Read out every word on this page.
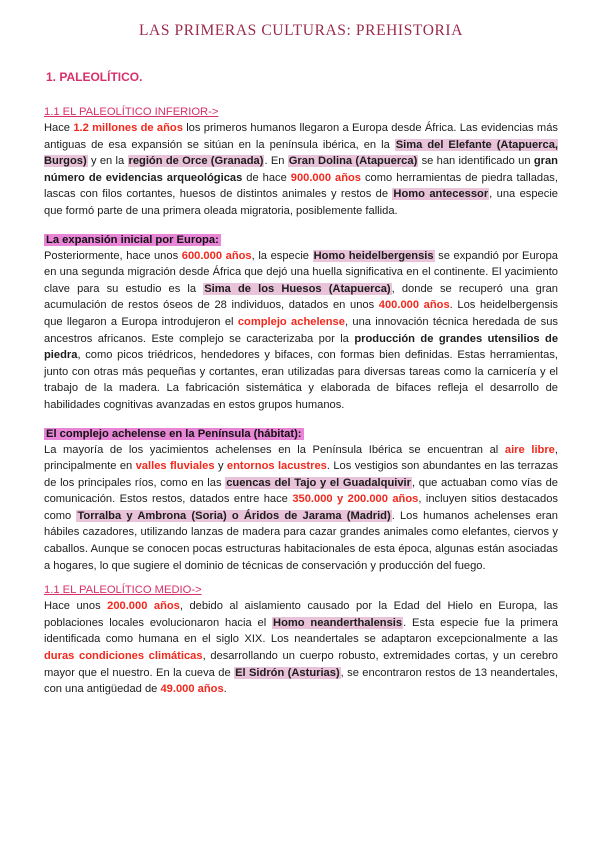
LAS PRIMERAS CULTURAS: PREHISTORIA
1. PALEOLÍTICO.
1.1 EL PALEOLÍTICO INFERIOR->

Hace 1.2 millones de años los primeros humanos llegaron a Europa desde África. Las evidencias más antiguas de esa expansión se sitúan en la península ibérica, en la Sima del Elefante (Atapuerca, Burgos) y en la región de Orce (Granada). En Gran Dolina (Atapuerca) se han identificado un gran número de evidencias arqueológicas de hace 900.000 años como herramientas de piedra talladas, lascas con filos cortantes, huesos de distintos animales y restos de Homo antecessor, una especie que formó parte de una primera oleada migratoria, posiblemente fallida.

La expansión inicial por Europa:

Posteriormente, hace unos 600.000 años, la especie Homo heidelbergensis se expandió por Europa en una segunda migración desde África que dejó una huella significativa en el continente. El yacimiento clave para su estudio es la Sima de los Huesos (Atapuerca), donde se recuperó una gran acumulación de restos óseos de 28 individuos, datados en unos 400.000 años. Los heidelbergensis que llegaron a Europa introdujeron el complejo achelense, una innovación técnica heredada de sus ancestros africanos. Este complejo se caracterizaba por la producción de grandes utensilios de piedra, como picos triédricos, hendedores y bifaces, con formas bien definidas. Estas herramientas, junto con otras más pequeñas y cortantes, eran utilizadas para diversas tareas como la carnicería y el trabajo de la madera. La fabricación sistemática y elaborada de bifaces refleja el desarrollo de habilidades cognitivas avanzadas en estos grupos humanos.

El complejo achelense en la Península (hábitat):

La mayoría de los yacimientos achelenses en la Península Ibérica se encuentran al aire libre, principalmente en valles fluviales y entornos lacustres. Los vestigios son abundantes en las terrazas de los principales ríos, como en las cuencas del Tajo y el Guadalquivir, que actuaban como vías de comunicación. Estos restos, datados entre hace 350.000 y 200.000 años, incluyen sitios destacados como Torralba y Ambrona (Soria) o Áridos de Jarama (Madrid). Los humanos achelenses eran hábiles cazadores, utilizando lanzas de madera para cazar grandes animales como elefantes, ciervos y caballos. Aunque se conocen pocas estructuras habitacionales de esta época, algunas están asociadas a hogares, lo que sugiere el dominio de técnicas de conservación y producción del fuego.

1.1 EL PALEOLÍTICO MEDIO->

Hace unos 200.000 años, debido al aislamiento causado por la Edad del Hielo en Europa, las poblaciones locales evolucionaron hacia el Homo neanderthalensis. Esta especie fue la primera identificada como humana en el siglo XIX. Los neandertales se adaptaron excepcionalmente a las duras condiciones climáticas, desarrollando un cuerpo robusto, extremidades cortas, y un cerebro mayor que el nuestro. En la cueva de El Sidrón (Asturias), se encontraron restos de 13 neandertales, con una antigüedad de 49.000 años.
